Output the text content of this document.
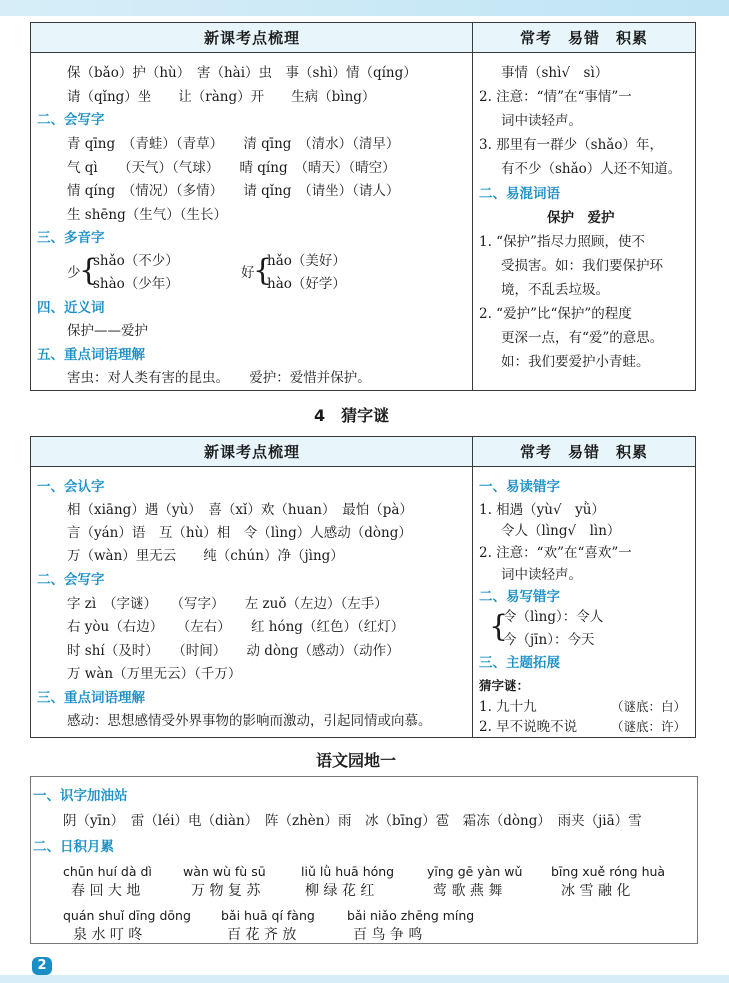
新课考点梳理	常考　易错　积累
保（bǎo）护（hù）　害（hài）虫　事（shì）情（qíng）
请（qǐng）坐　　让（ràng）开　　生病（bìng）
二、会写字
青 qīng　（青蛙）（青草）　　清 qīng　（清水）（清早）
气 qì　　（天气）（气球）　　晴 qíng　（晴天）（晴空）
情 qíng　（情况）（多情）　　请 qǐng　（请坐）（请人）
生 shēng（生气）（生长）
三、多音字
少
{
shǎo（不少）
shào（少年）
好
{
hǎo（美好）
hào（好学）
四、近义词
保护——爱护
五、重点词语理解
害虫：对人类有害的昆虫。　　爱护：爱惜并保护。
事情（shì√　sì）
2. 注意：“情”在“事情”一
词中读轻声。
3. 那里有一群少（shǎo）年，
有不少（shǎo）人还不知道。
二、易混词语
保护　爱护
1. “保护”指尽力照顾，使不
受损害。如：我们要保护环
境，不乱丢垃圾。
2. “爱护”比“保护”的程度
更深一点，有“爱”的意思。
如：我们要爱护小青蛙。
4　猜字谜
新课考点梳理	常考　易错　积累
一、会认字
相（xiāng）遇（yù）　喜（xǐ）欢（huan）　最怕（pà）
言（yán）语　互（hù）相　令（lìng）人感动（dòng）
万（wàn）里无云　　纯（chún）净（jìng）
二、会写字
字 zì　（字谜）　　（写字）　　左 zuǒ（左边）（左手）
右 yòu（右边）　　（左右）　　红 hóng（红色）（红灯）
时 shí（及时）　　（时间）　　动 dòng（感动）（动作）
万 wàn（万里无云）（千万）
三、重点词语理解
感动：思想感情受外界事物的影响而激动，引起同情或向慕。
一、易读错字
1. 相遇（yù√　yǜ）
令人（lìng√　lìn）
2. 注意：“欢”在“喜欢”一
词中读轻声。
二、易写错字
{
令（lìng）：令人
今（jīn）：今天
三、主题拓展
猜字谜：
1. 九十九	（谜底：白）
2. 早不说晚不说	（谜底：许）
语文园地一
一、识字加油站
阴（yīn）　雷（léi）电（diàn）　阵（zhèn）雨　冰（bīng）雹　霜冻（dòng）　雨夹（jiā）雪
二、日积月累
chūn huí dà dì
春 回 大 地
wàn wù fù sū
万 物 复 苏
liǔ lǜ huā hóng
柳 绿 花 红
yīng gē yàn wǔ
莺 歌 燕 舞
bīng xuě róng huà
冰 雪 融 化
quán shuǐ dīng dōng
泉 水 叮 咚
bǎi huā qí fàng
百 花 齐 放
bǎi niǎo zhēng míng
百 鸟 争 鸣
2
